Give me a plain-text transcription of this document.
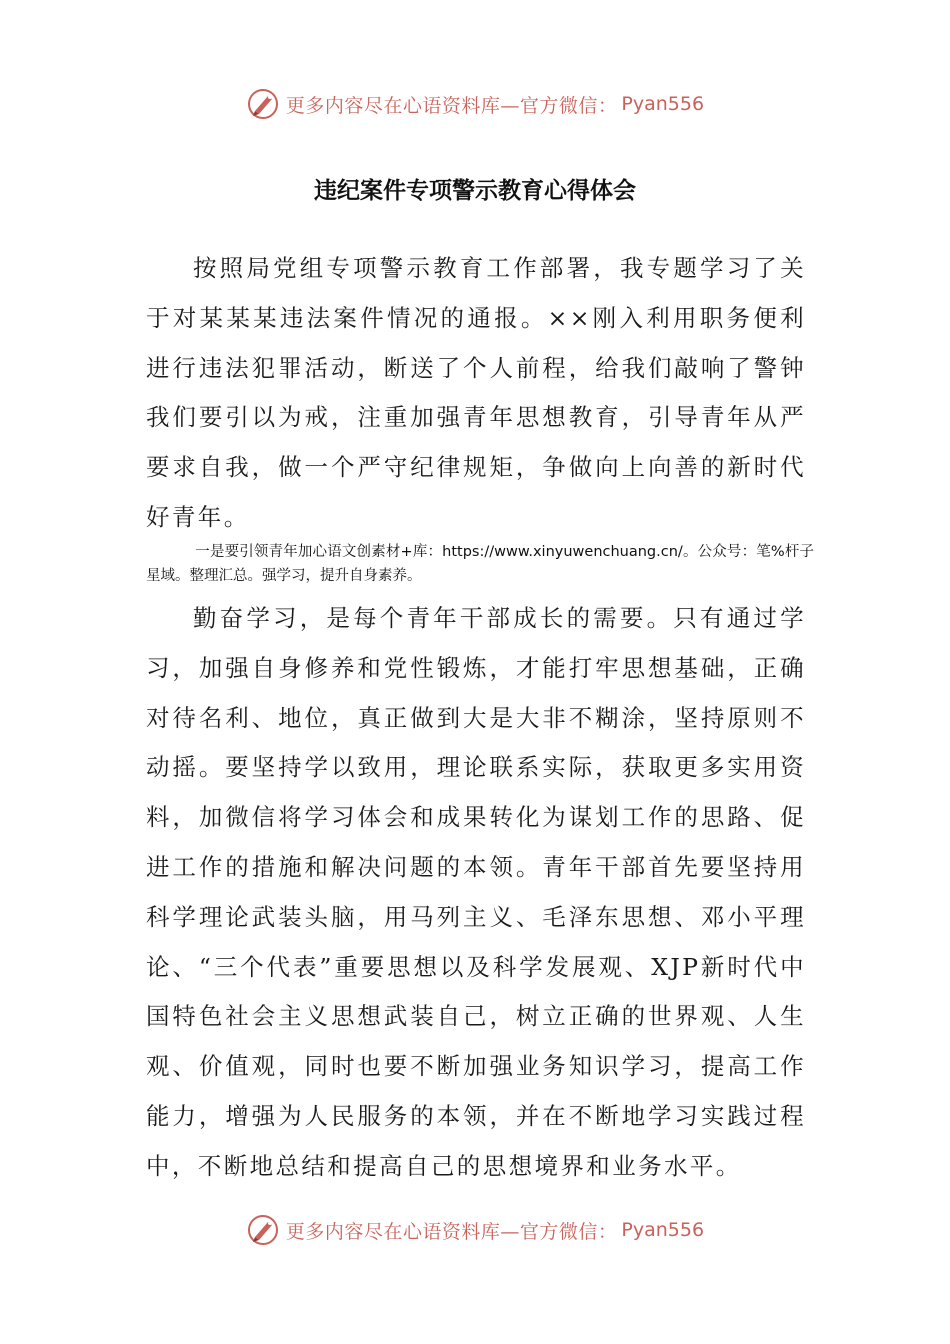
更多内容尽在心语资料库—官方微信： Pyan556
违纪案件专项警示教育心得体会

按照局党组专项警示教育工作部署，我专题学习了关于对某某某违法案件情况的通报。××刚入利用职务便利进行违法犯罪活动，断送了个人前程，给我们敲响了警钟我们要引以为戒，注重加强青年思想教育，引导青年从严要求自我，做一个严守纪律规矩，争做向上向善的新时代好青年。

一是要引领青年加心语文创素材+库：https://www.xinyuwenchuang.cn/。公众号：笔%杆子星域。整理汇总。强学习，提升自身素养。

勤奋学习，是每个青年干部成长的需要。只有通过学习，加强自身修养和党性锻炼，才能打牢思想基础，正确对待名利、地位，真正做到大是大非不糊涂，坚持原则不动摇。要坚持学以致用，理论联系实际，获取更多实用资料，加微信将学习体会和成果转化为谋划工作的思路、促进工作的措施和解决问题的本领。青年干部首先要坚持用科学理论武装头脑，用马列主义、毛泽东思想、邓小平理论、“三个代表”重要思想以及科学发展观、XJP新时代中国特色社会主义思想武装自己，树立正确的世界观、人生观、价值观，同时也要不断加强业务知识学习，提高工作能力，增强为人民服务的本领，并在不断地学习实践过程中，不断地总结和提高自己的思想境界和业务水平。

更多内容尽在心语资料库—官方微信： Pyan556
